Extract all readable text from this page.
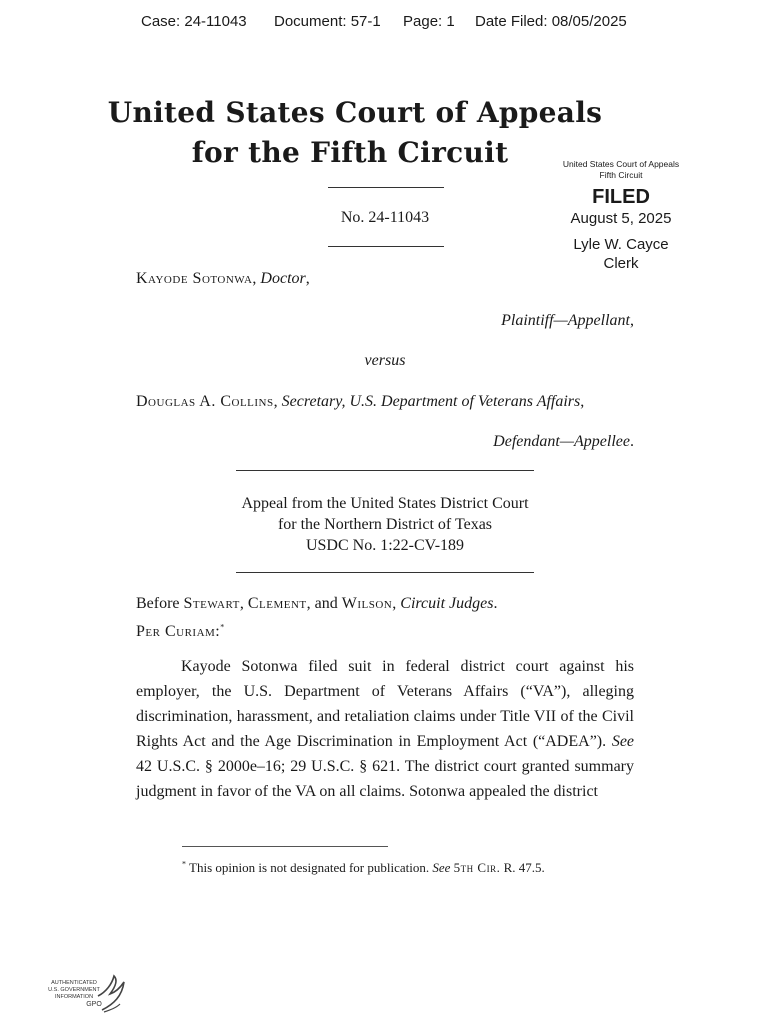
Case: 24-11043 Document: 57-1 Page: 1 Date Filed: 08/05/2025
United States Court of Appeals
for the Fifth Circuit	United States Court of Appeals
Fifth Circuit
FILED
August 5, 2025
Lyle W. Cayce
Clerk
No. 24-11043
Kayode Sotonwa, Doctor,
Plaintiff—Appellant,
versus
Douglas A. Collins, Secretary, U.S. Department of Veterans Affairs,
Defendant—Appellee.
Appeal from the United States District Court
for the Northern District of Texas
USDC No. 1:22-CV-189
Before Stewart, Clement, and Wilson, Circuit Judges.
Per Curiam:*

Kayode Sotonwa filed suit in federal district court against his employer, the U.S. Department of Veterans Affairs (“VA”), alleging discrimination, harassment, and retaliation claims under Title VII of the Civil Rights Act and the Age Discrimination in Employment Act (“ADEA”). See 42 U.S.C. § 2000e–16; 29 U.S.C. § 621. The district court granted summary judgment in favor of the VA on all claims. Sotonwa appealed the district

* This opinion is not designated for publication. See 5th Cir. R. 47.5.
AUTHENTICATED
U.S. GOVERNMENT
INFORMATION
GPO
